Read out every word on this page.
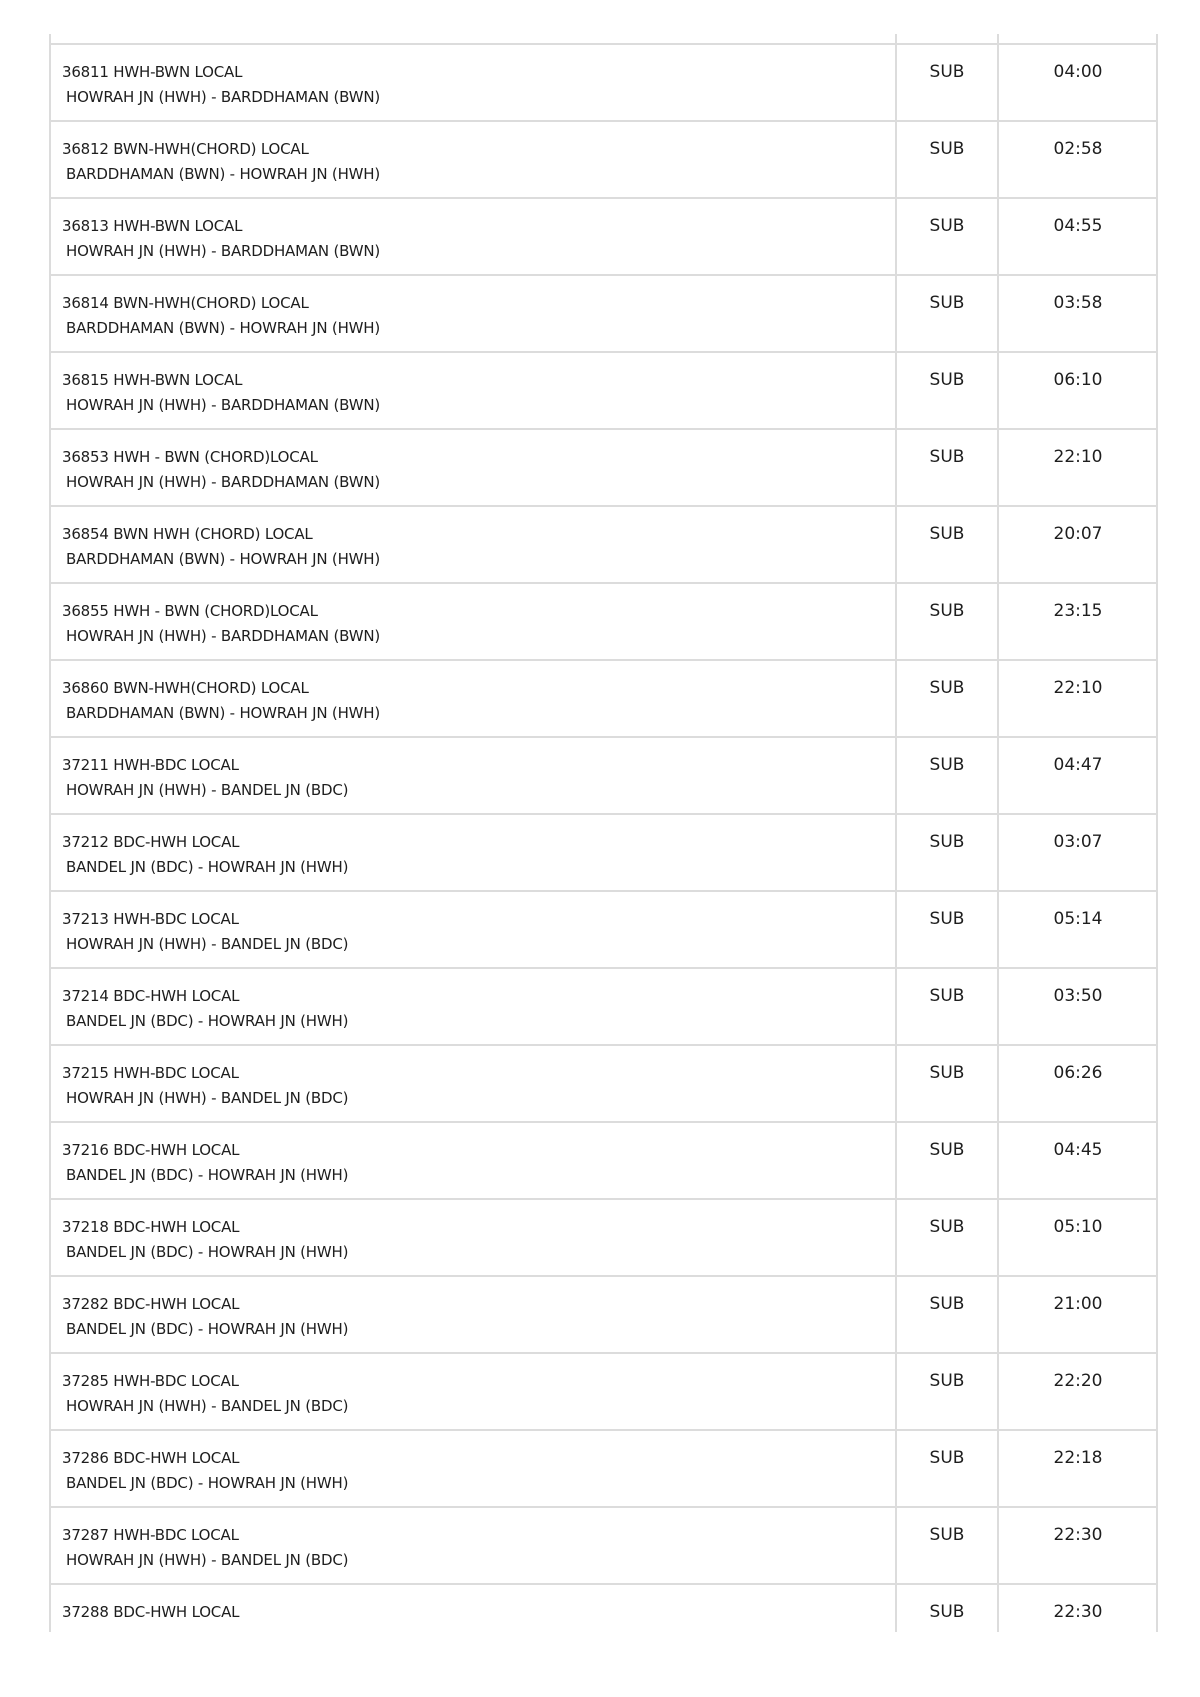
36811 HWH-BWN LOCAL
HOWRAH JN (HWH) - BARDDHAMAN (BWN)	SUB	04:00

36812 BWN-HWH(CHORD) LOCAL
BARDDHAMAN (BWN) - HOWRAH JN (HWH)	SUB	02:58

36813 HWH-BWN LOCAL
HOWRAH JN (HWH) - BARDDHAMAN (BWN)	SUB	04:55

36814 BWN-HWH(CHORD) LOCAL
BARDDHAMAN (BWN) - HOWRAH JN (HWH)	SUB	03:58

36815 HWH-BWN LOCAL
HOWRAH JN (HWH) - BARDDHAMAN (BWN)	SUB	06:10

36853 HWH - BWN (CHORD)LOCAL
HOWRAH JN (HWH) - BARDDHAMAN (BWN)	SUB	22:10

36854 BWN HWH (CHORD) LOCAL
BARDDHAMAN (BWN) - HOWRAH JN (HWH)	SUB	20:07

36855 HWH - BWN (CHORD)LOCAL
HOWRAH JN (HWH) - BARDDHAMAN (BWN)	SUB	23:15

36860 BWN-HWH(CHORD) LOCAL
BARDDHAMAN (BWN) - HOWRAH JN (HWH)	SUB	22:10

37211 HWH-BDC LOCAL
HOWRAH JN (HWH) - BANDEL JN (BDC)	SUB	04:47

37212 BDC-HWH LOCAL
BANDEL JN (BDC) - HOWRAH JN (HWH)	SUB	03:07

37213 HWH-BDC LOCAL
HOWRAH JN (HWH) - BANDEL JN (BDC)	SUB	05:14

37214 BDC-HWH LOCAL
BANDEL JN (BDC) - HOWRAH JN (HWH)	SUB	03:50

37215 HWH-BDC LOCAL
HOWRAH JN (HWH) - BANDEL JN (BDC)	SUB	06:26

37216 BDC-HWH LOCAL
BANDEL JN (BDC) - HOWRAH JN (HWH)	SUB	04:45

37218 BDC-HWH LOCAL
BANDEL JN (BDC) - HOWRAH JN (HWH)	SUB	05:10

37282 BDC-HWH LOCAL
BANDEL JN (BDC) - HOWRAH JN (HWH)	SUB	21:00

37285 HWH-BDC LOCAL
HOWRAH JN (HWH) - BANDEL JN (BDC)	SUB	22:20

37286 BDC-HWH LOCAL
BANDEL JN (BDC) - HOWRAH JN (HWH)	SUB	22:18

37287 HWH-BDC LOCAL
HOWRAH JN (HWH) - BANDEL JN (BDC)	SUB	22:30

37288 BDC-HWH LOCAL	SUB	22:30
